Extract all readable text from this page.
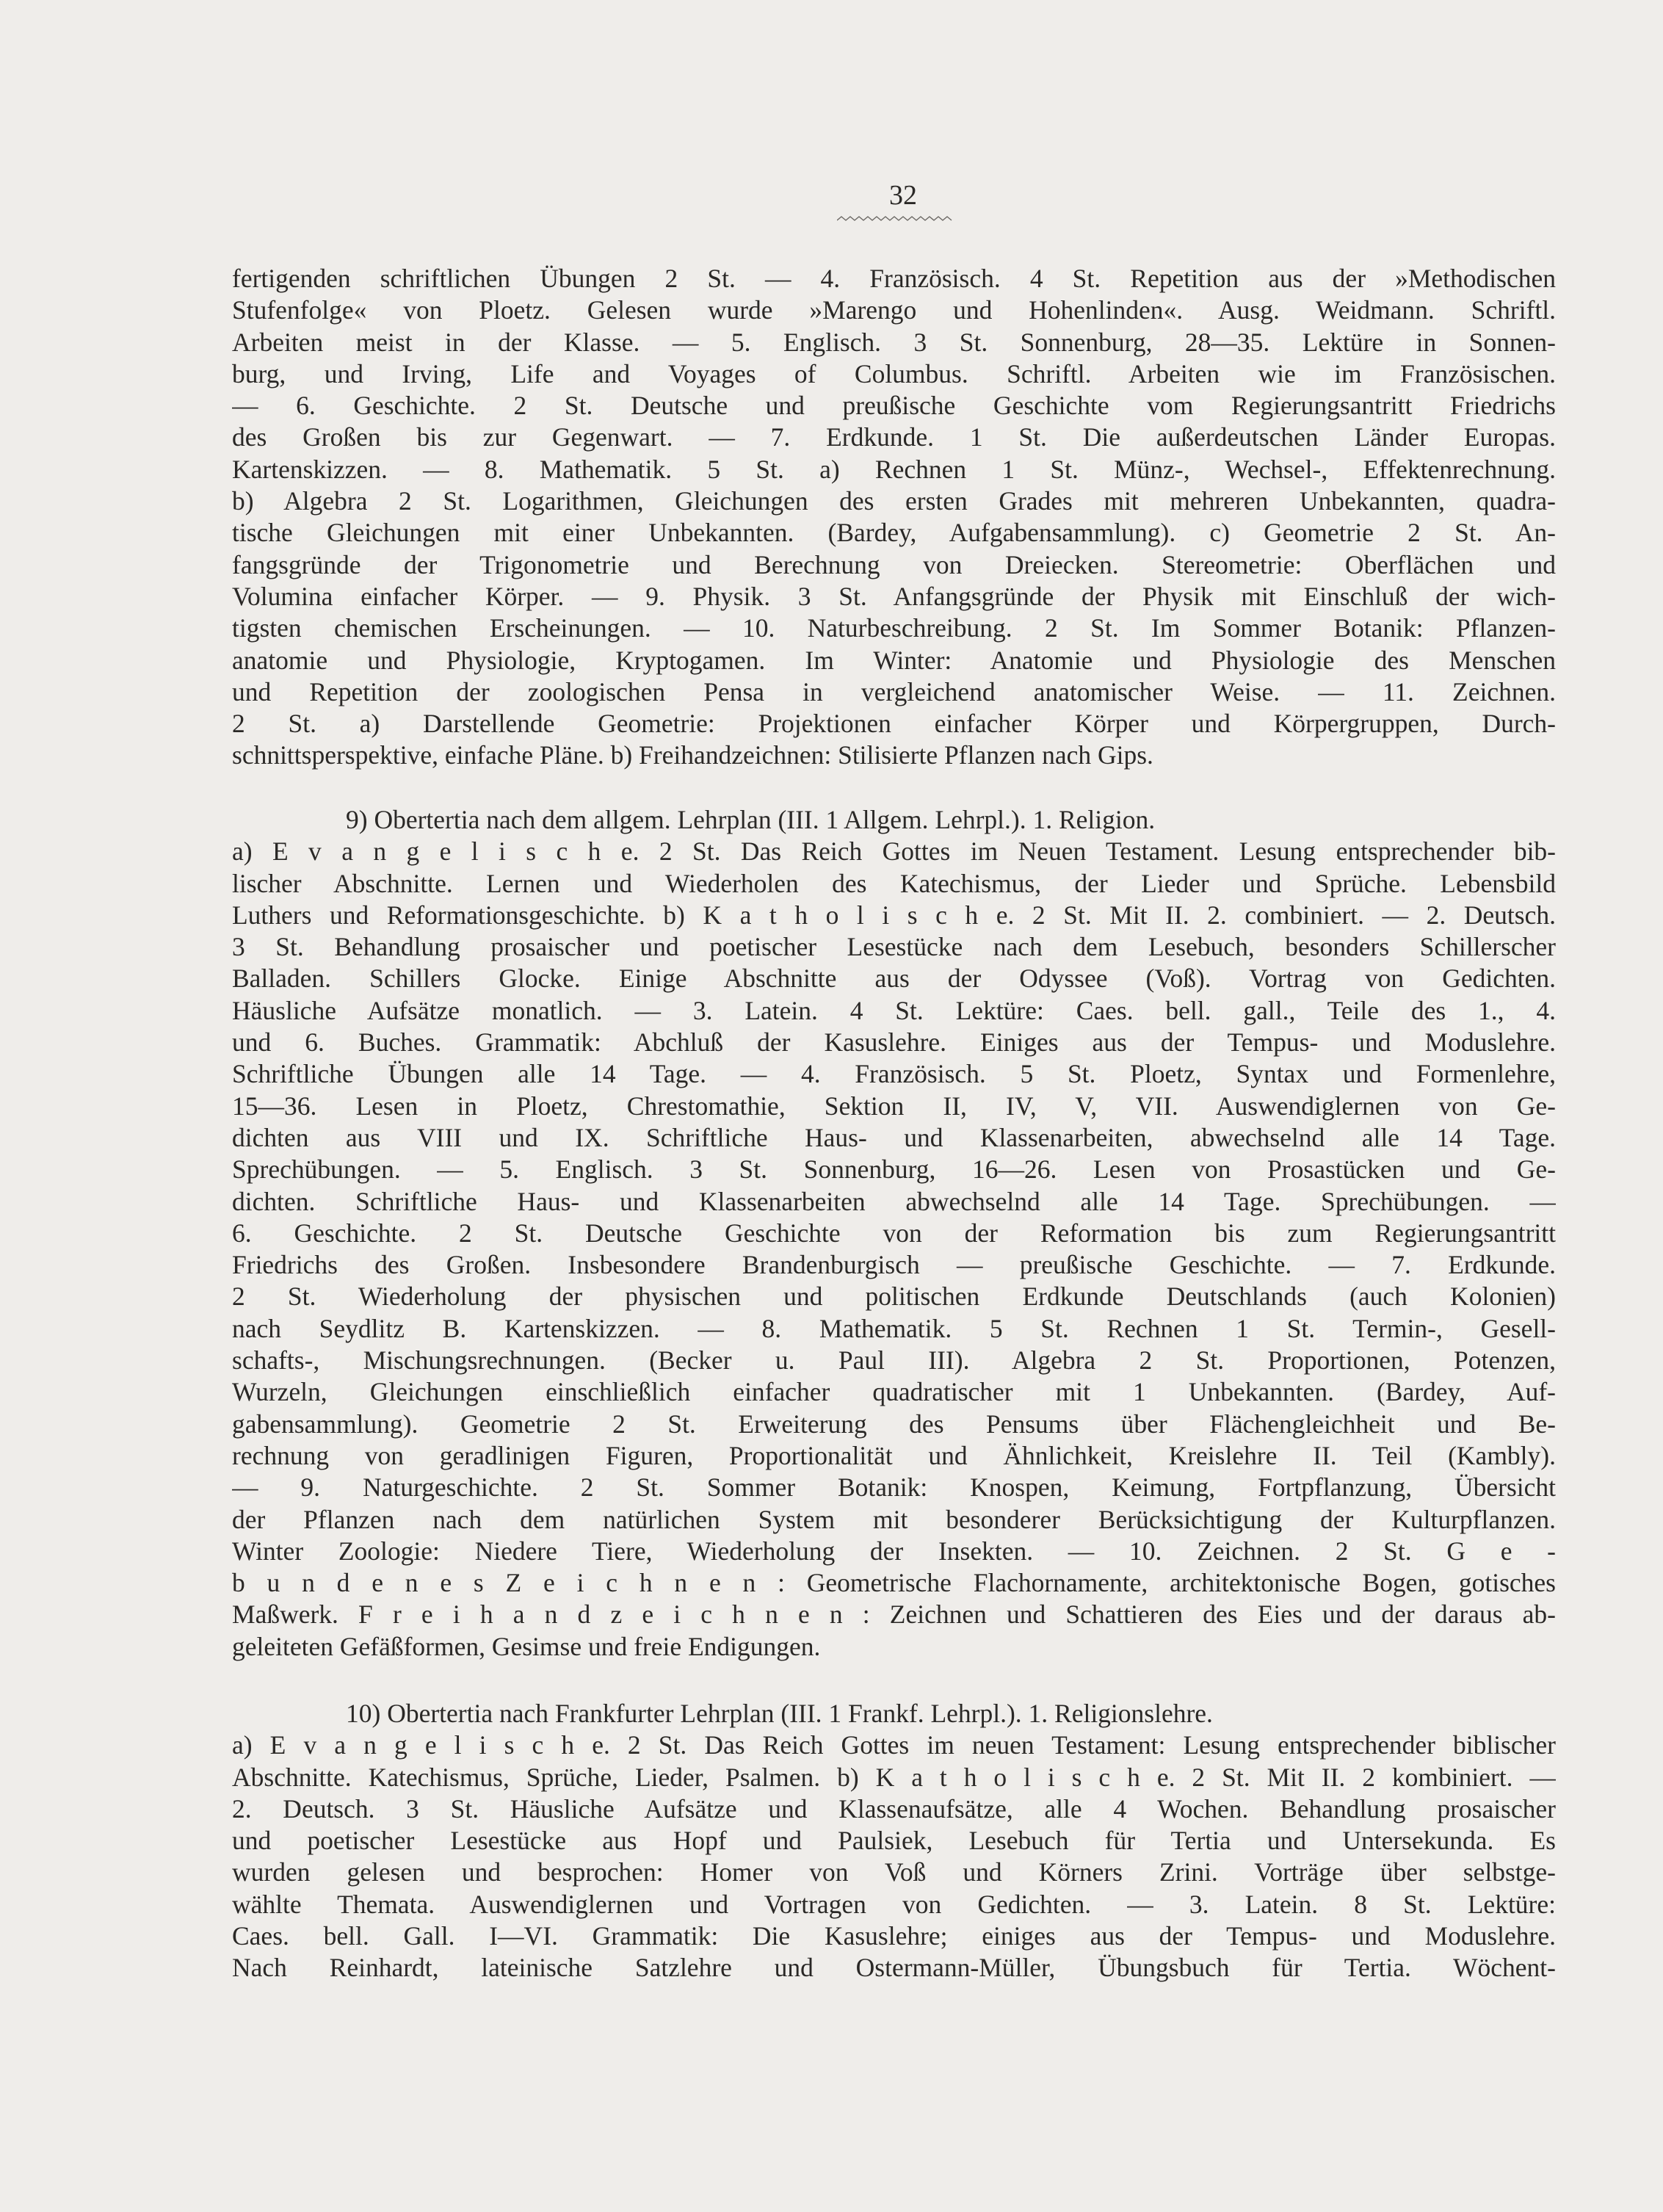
32
fertigenden schriftlichen Übungen 2 St. — 4. Französisch. 4 St. Repetition aus der »Methodischen
Stufenfolge« von Ploetz. Gelesen wurde »Marengo und Hohenlinden«. Ausg. Weidmann. Schriftl.
Arbeiten meist in der Klasse. — 5. Englisch. 3 St. Sonnenburg, 28—35. Lektüre in Sonnen-
burg, und Irving, Life and Voyages of Columbus. Schriftl. Arbeiten wie im Französischen.
— 6. Geschichte. 2 St. Deutsche und preußische Geschichte vom Regierungsantritt Friedrichs
des Großen bis zur Gegenwart. — 7. Erdkunde. 1 St. Die außerdeutschen Länder Europas.
Kartenskizzen. — 8. Mathematik. 5 St. a) Rechnen 1 St. Münz-, Wechsel-, Effektenrechnung.
b) Algebra 2 St. Logarithmen, Gleichungen des ersten Grades mit mehreren Unbekannten, quadra-
tische Gleichungen mit einer Unbekannten. (Bardey, Aufgabensammlung). c) Geometrie 2 St. An-
fangsgründe der Trigonometrie und Berechnung von Dreiecken. Stereometrie: Oberflächen und
Volumina einfacher Körper. — 9. Physik. 3 St. Anfangsgründe der Physik mit Einschluß der wich-
tigsten chemischen Erscheinungen. — 10. Naturbeschreibung. 2 St. Im Sommer Botanik: Pflanzen-
anatomie und Physiologie, Kryptogamen. Im Winter: Anatomie und Physiologie des Menschen
und Repetition der zoologischen Pensa in vergleichend anatomischer Weise. — 11. Zeichnen.
2 St. a) Darstellende Geometrie: Projektionen einfacher Körper und Körpergruppen, Durch-
schnittsperspektive, einfache Pläne. b) Freihandzeichnen: Stilisierte Pflanzen nach Gips.
9) Obertertia nach dem allgem. Lehrplan (III. 1 Allgem. Lehrpl.). 1. Religion.
a) E v a n g e l i s c h e. 2 St. Das Reich Gottes im Neuen Testament. Lesung entsprechender bib-
lischer Abschnitte. Lernen und Wiederholen des Katechismus, der Lieder und Sprüche. Lebensbild
Luthers und Reformationsgeschichte. b) K a t h o l i s c h e. 2 St. Mit II. 2. combiniert. — 2. Deutsch.
3 St. Behandlung prosaischer und poetischer Lesestücke nach dem Lesebuch, besonders Schillerscher
Balladen. Schillers Glocke. Einige Abschnitte aus der Odyssee (Voß). Vortrag von Gedichten.
Häusliche Aufsätze monatlich. — 3. Latein. 4 St. Lektüre: Caes. bell. gall., Teile des 1., 4.
und 6. Buches. Grammatik: Abchluß der Kasuslehre. Einiges aus der Tempus- und Moduslehre.
Schriftliche Übungen alle 14 Tage. — 4. Französisch. 5 St. Ploetz, Syntax und Formenlehre,
15—36. Lesen in Ploetz, Chrestomathie, Sektion II, IV, V, VII. Auswendiglernen von Ge-
dichten aus VIII und IX. Schriftliche Haus- und Klassenarbeiten, abwechselnd alle 14 Tage.
Sprechübungen. — 5. Englisch. 3 St. Sonnenburg, 16—26. Lesen von Prosastücken und Ge-
dichten. Schriftliche Haus- und Klassenarbeiten abwechselnd alle 14 Tage. Sprechübungen. —
6. Geschichte. 2 St. Deutsche Geschichte von der Reformation bis zum Regierungsantritt
Friedrichs des Großen. Insbesondere Brandenburgisch — preußische Geschichte. — 7. Erdkunde.
2 St. Wiederholung der physischen und politischen Erdkunde Deutschlands (auch Kolonien)
nach Seydlitz B. Kartenskizzen. — 8. Mathematik. 5 St. Rechnen 1 St. Termin-, Gesell-
schafts-, Mischungsrechnungen. (Becker u. Paul III). Algebra 2 St. Proportionen, Potenzen,
Wurzeln, Gleichungen einschließlich einfacher quadratischer mit 1 Unbekannten. (Bardey, Auf-
gabensammlung). Geometrie 2 St. Erweiterung des Pensums über Flächengleichheit und Be-
rechnung von geradlinigen Figuren, Proportionalität und Ähnlichkeit, Kreislehre II. Teil (Kambly).
— 9. Naturgeschichte. 2 St. Sommer Botanik: Knospen, Keimung, Fortpflanzung, Übersicht
der Pflanzen nach dem natürlichen System mit besonderer Berücksichtigung der Kulturpflanzen.
Winter Zoologie: Niedere Tiere, Wiederholung der Insekten. — 10. Zeichnen. 2 St. G e -
b u n d e n e s Z e i c h n e n : Geometrische Flachornamente, architektonische Bogen, gotisches
Maßwerk. F r e i h a n d z e i c h n e n : Zeichnen und Schattieren des Eies und der daraus ab-
geleiteten Gefäßformen, Gesimse und freie Endigungen.
10) Obertertia nach Frankfurter Lehrplan (III. 1 Frankf. Lehrpl.). 1. Religionslehre.
a) E v a n g e l i s c h e. 2 St. Das Reich Gottes im neuen Testament: Lesung entsprechender biblischer
Abschnitte. Katechismus, Sprüche, Lieder, Psalmen. b) K a t h o l i s c h e. 2 St. Mit II. 2 kombiniert. —
2. Deutsch. 3 St. Häusliche Aufsätze und Klassenaufsätze, alle 4 Wochen. Behandlung prosaischer
und poetischer Lesestücke aus Hopf und Paulsiek, Lesebuch für Tertia und Untersekunda. Es
wurden gelesen und besprochen: Homer von Voß und Körners Zrini. Vorträge über selbstge-
wählte Themata. Auswendiglernen und Vortragen von Gedichten. — 3. Latein. 8 St. Lektüre:
Caes. bell. Gall. I—VI. Grammatik: Die Kasuslehre; einiges aus der Tempus- und Moduslehre.
Nach Reinhardt, lateinische Satzlehre und Ostermann-Müller, Übungsbuch für Tertia. Wöchent-
